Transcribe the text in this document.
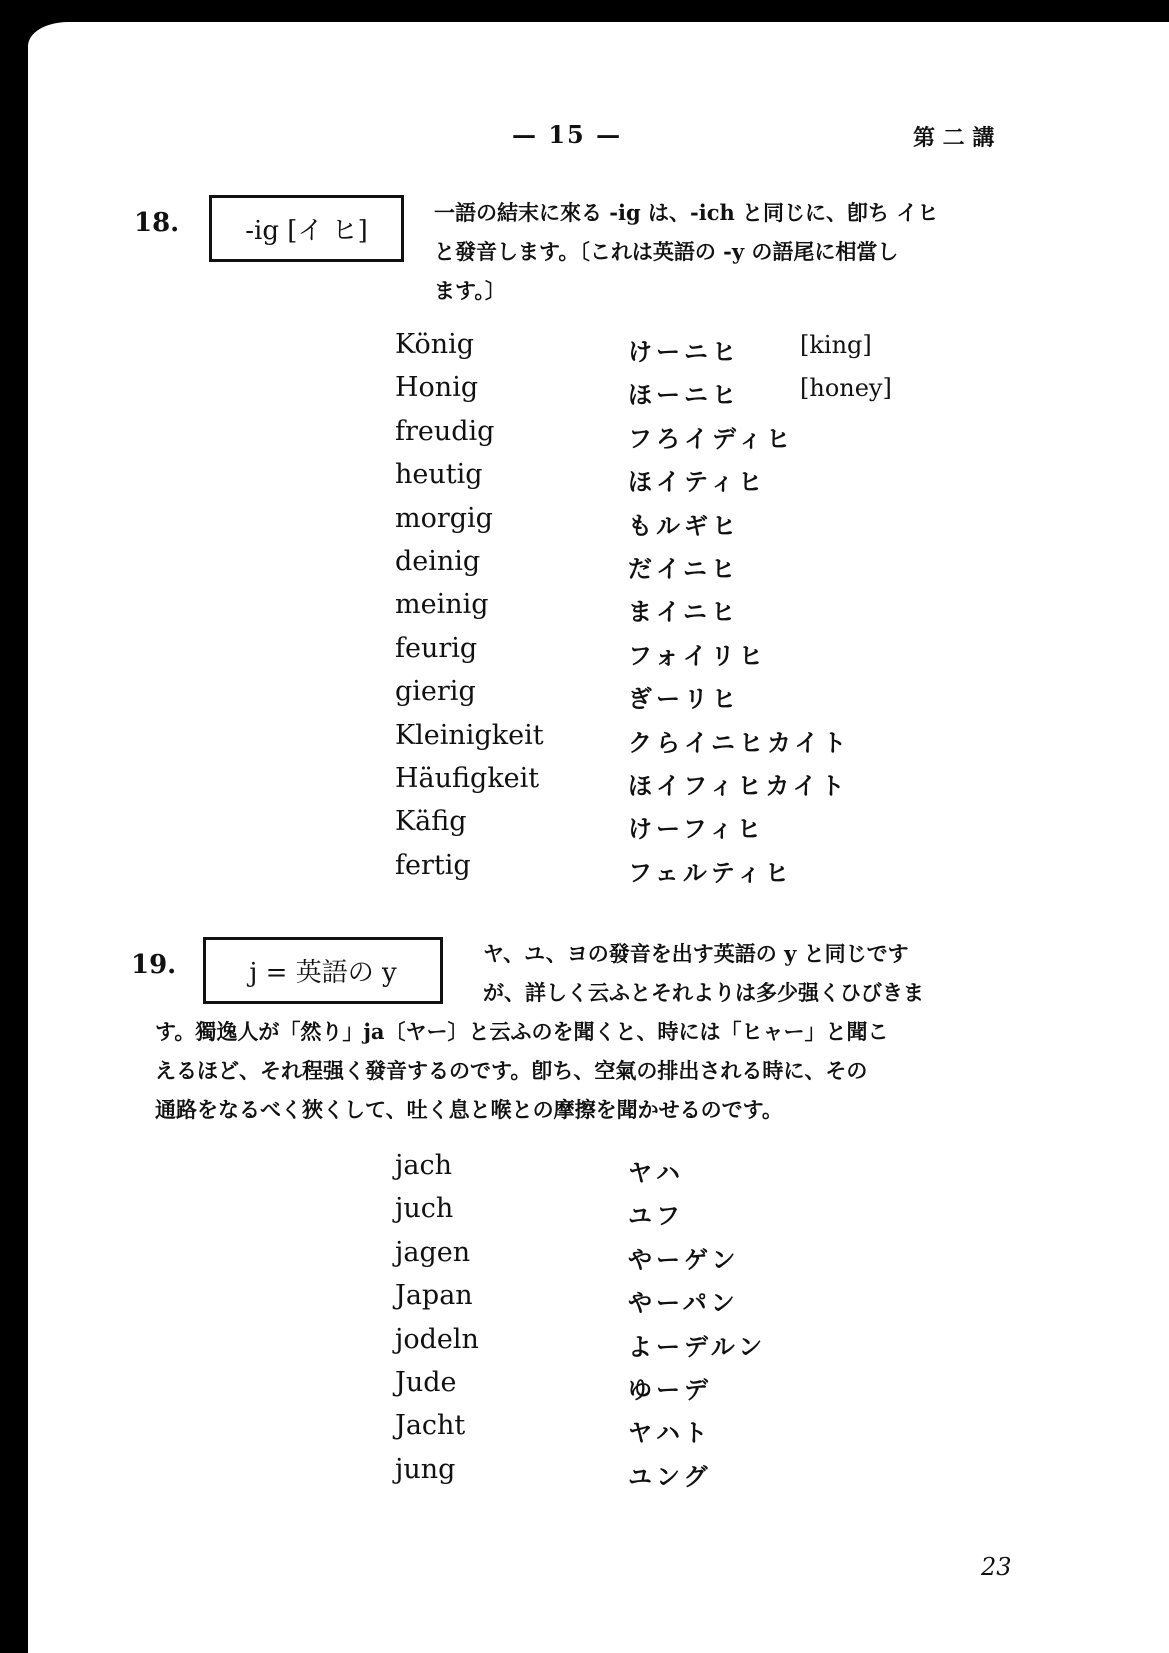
— 15 —	第 二 講
18.	-ig [イ ヒ]
一語の結末に來る -ig は、-ich と同じに、卽ち イヒ
と發音します。〔これは英語の -y の語尾に相當し
ます。〕
König	けーニヒ	[king]
Honig	ほーニヒ	[honey]
freudig	フろイディヒ
heutig	ほイティヒ
morgig	もルギヒ
deinig	だイニヒ
meinig	まイニヒ
feurig	フォイリヒ
gierig	ぎーリヒ
Kleinigkeit	クらイニヒカイト
Häufigkeit	ほイフィヒカイト
Käfig	けーフィヒ
fertig	フェルティヒ
19.	j = 英語の y
ヤ、ユ、ヨの發音を出す英語の y と同じです
が、詳しく云ふとそれよりは多少强くひびきま
す。獨逸人が「然り」ja〔ヤー〕と云ふのを聞くと、時には「ヒャー」と聞こ
えるほど、それ程强く發音するのです。卽ち、空氣の排出される時に、その
通路をなるべく狹くして、吐く息と喉との摩擦を聞かせるのです。
jach	ヤハ
juch	ユフ
jagen	やーゲン
Japan	やーパン
jodeln	よーデルン
Jude	ゆーデ
Jacht	ヤハト
jung	ユング
23
